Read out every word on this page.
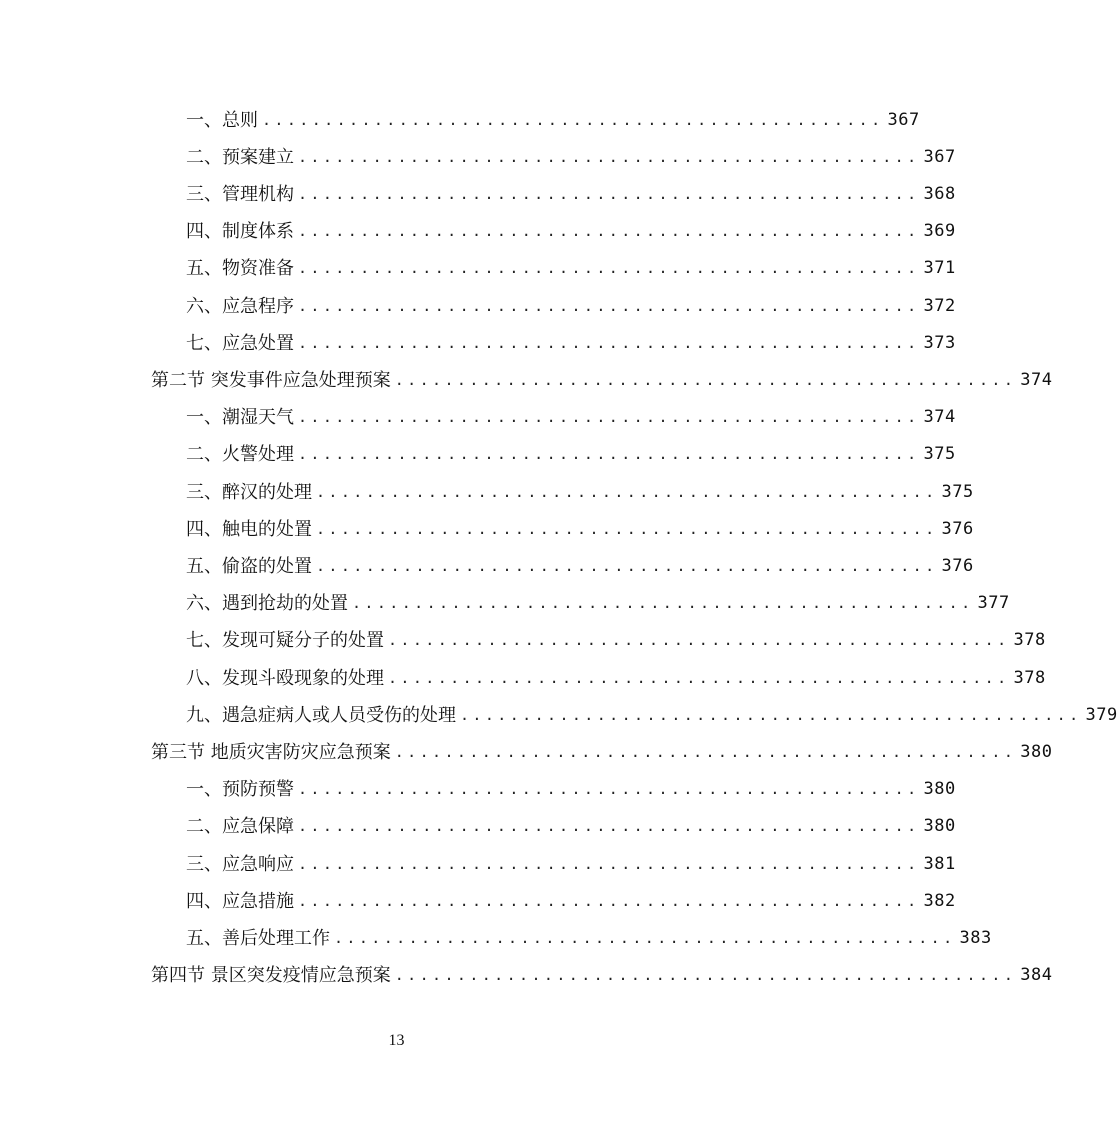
一、总则 .................................................. 367
二、预案建立 .................................................. 367
三、管理机构 .................................................. 368
四、制度体系 .................................................. 369
五、物资准备 .................................................. 371
六、应急程序 .................................................. 372
七、应急处置 .................................................. 373
第二节 突发事件应急处理预案 .................................................. 374
一、潮湿天气 .................................................. 374
二、火警处理 .................................................. 375
三、醉汉的处理 .................................................. 375
四、触电的处置 .................................................. 376
五、偷盗的处置 .................................................. 376
六、遇到抢劫的处置 .................................................. 377
七、发现可疑分子的处置 .................................................. 378
八、发现斗殴现象的处理 .................................................. 378
九、遇急症病人或人员受伤的处理 .................................................. 379
第三节 地质灾害防灾应急预案 .................................................. 380
一、预防预警 .................................................. 380
二、应急保障 .................................................. 380
三、应急响应 .................................................. 381
四、应急措施 .................................................. 382
五、善后处理工作 .................................................. 383
第四节 景区突发疫情应急预案 .................................................. 384
13
